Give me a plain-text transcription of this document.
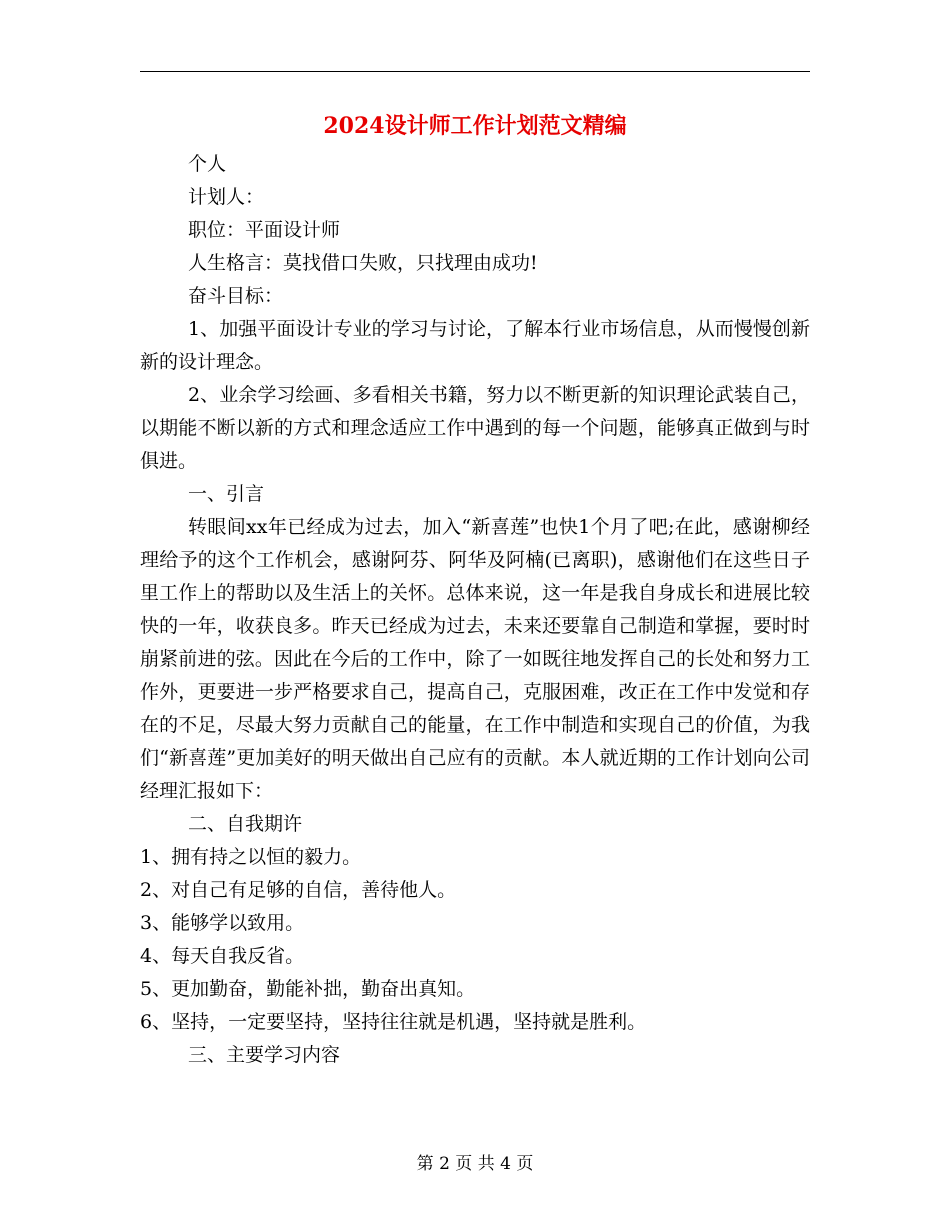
2024设计师工作计划范文精编

个人

计划人：

职位：平面设计师

人生格言：莫找借口失败，只找理由成功!

奋斗目标：

1、加强平面设计专业的学习与讨论，了解本行业市场信息，从而慢慢创新新的设计理念。

2、业余学习绘画、多看相关书籍，努力以不断更新的知识理论武装自己，以期能不断以新的方式和理念适应工作中遇到的每一个问题，能够真正做到与时俱进。

一、引言

转眼间xx年已经成为过去，加入“新喜莲”也快1个月了吧;在此，感谢柳经理给予的这个工作机会，感谢阿芬、阿华及阿楠(已离职)，感谢他们在这些日子里工作上的帮助以及生活上的关怀。总体来说，这一年是我自身成长和进展比较快的一年，收获良多。昨天已经成为过去，未来还要靠自己制造和掌握，要时时崩紧前进的弦。因此在今后的工作中，除了一如既往地发挥自己的长处和努力工作外，更要进一步严格要求自己，提高自己，克服困难，改正在工作中发觉和存在的不足，尽最大努力贡献自己的能量，在工作中制造和实现自己的价值，为我们“新喜莲”更加美好的明天做出自己应有的贡献。本人就近期的工作计划向公司经理汇报如下：

二、自我期许

1、拥有持之以恒的毅力。

2、对自己有足够的自信，善待他人。

3、能够学以致用。

4、每天自我反省。

5、更加勤奋，勤能补拙，勤奋出真知。

6、坚持，一定要坚持，坚持往往就是机遇，坚持就是胜利。

三、主要学习内容

第 2 页 共 4 页
